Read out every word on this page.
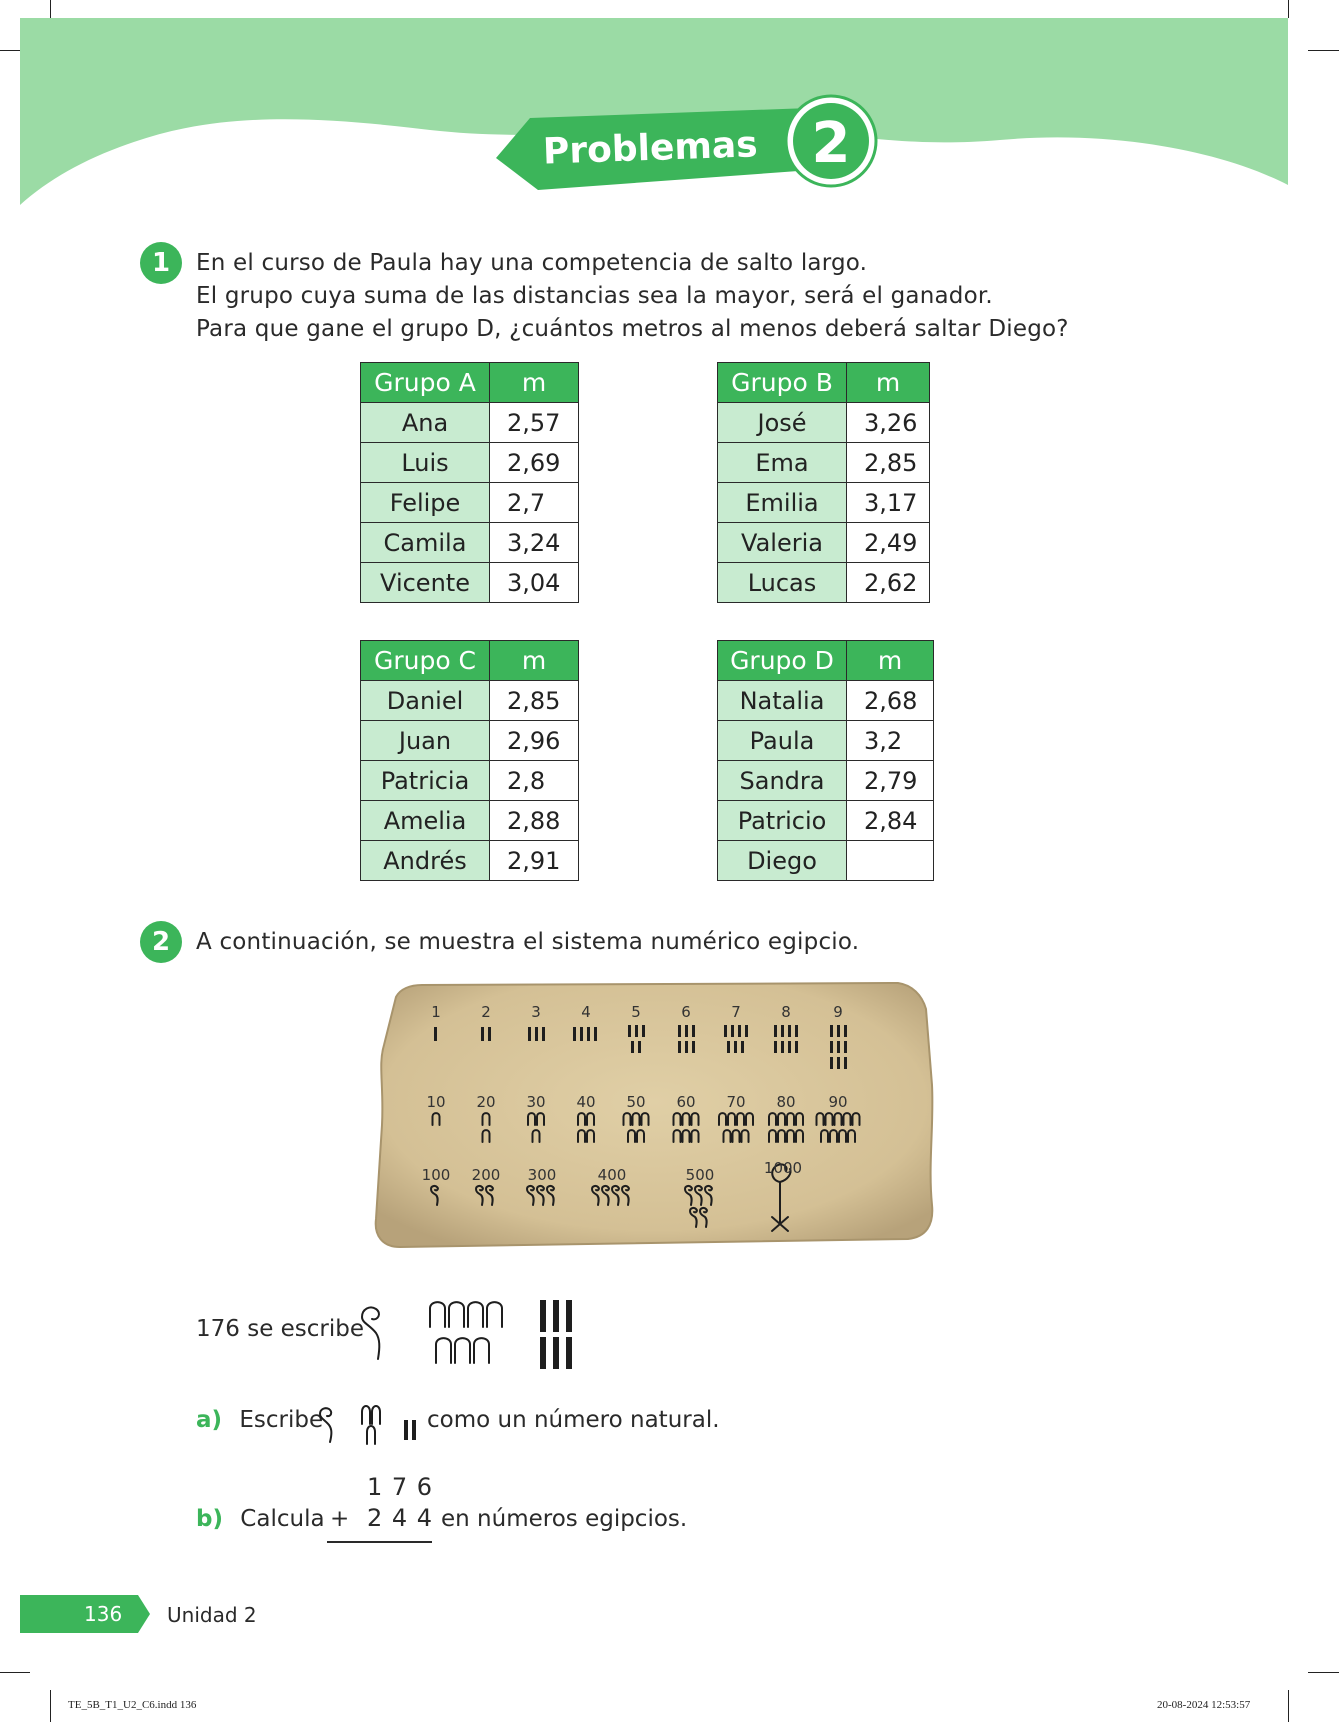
Problemas 2
1	En el curso de Paula hay una competencia de salto largo.
El grupo cuya suma de las distancias sea la mayor, será el ganador.
Para que gane el grupo D, ¿cuántos metros al menos deberá saltar Diego?
Grupo A	m
Ana	2,57
Luis	2,69
Felipe	2,7
Camila	3,24
Vicente	3,04
Grupo B	m
José	3,26
Ema	2,85
Emilia	3,17
Valeria	2,49
Lucas	2,62
Grupo C	m
Daniel	2,85
Juan	2,96
Patricia	2,8
Amelia	2,88
Andrés	2,91
Grupo D	m
Natalia	2,68
Paula	3,2
Sandra	2,79
Patricio	2,84
Diego	
2	A continuación, se muestra el sistema numérico egipcio.
1	2	3	4	5	6	7	8	9
10 20 30 40 50 60 70 80 90
100 200 300	400	500	1000
176 se escribe
a) Escribe	como un número natural.
1 7 6
b) Calcula + 2 4 4 en números egipcios.
136	Unidad 2
TE_5B_T1_U2_C6.indd 136	20-08-2024 12:53:57
